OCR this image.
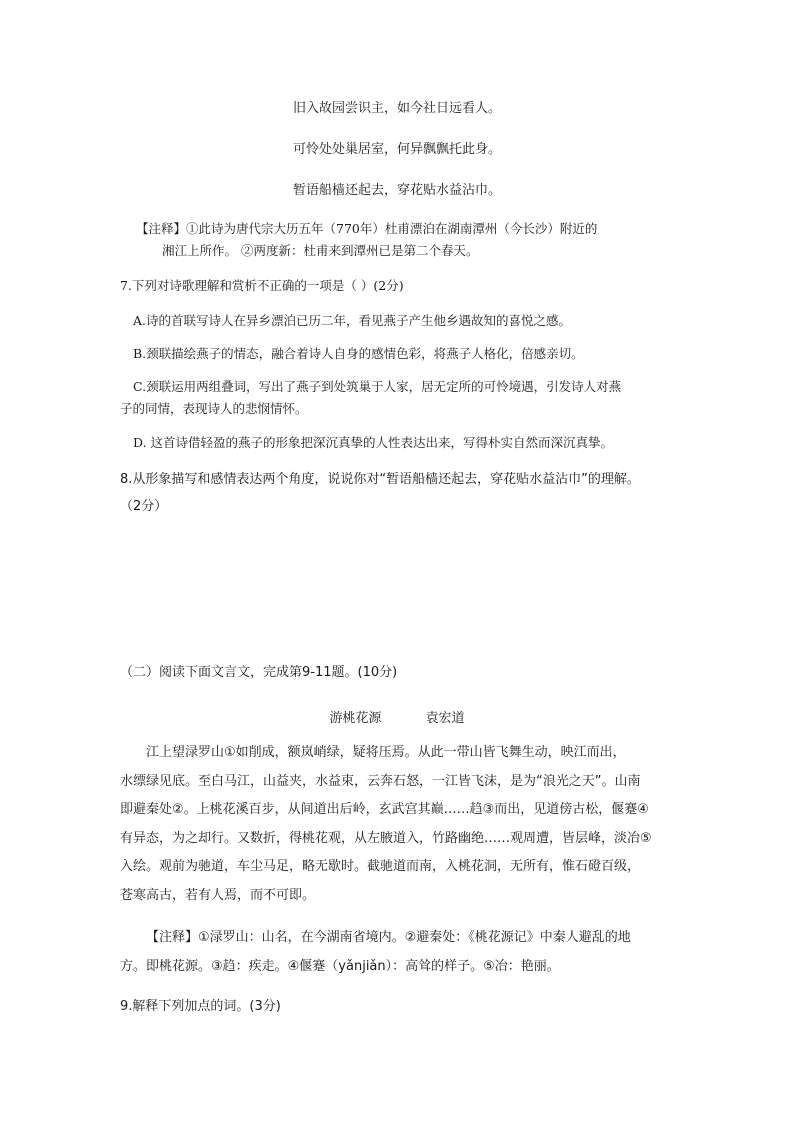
旧入故园尝识主，如今社日远看人。
可怜处处巢居室，何异飘飘托此身。
暂语船樯还起去，穿花贴水益沾巾。
【注释】①此诗为唐代宗大历五年（770年）杜甫漂泊在湖南潭州（今长沙）附近的
湘江上所作。 ②两度新：杜甫来到潭州已是第二个春天。
7.下列对诗歌理解和赏析不正确的一项是（ ）(2分)
A.诗的首联写诗人在异乡漂泊已历二年，看见燕子产生他乡遇故知的喜悦之感。
B.颈联描绘燕子的情态，融合着诗人自身的感情色彩，将燕子人格化，倍感亲切。
C.颈联运用两组叠词，写出了燕子到处筑巢于人家，居无定所的可怜境遇，引发诗人对燕
子的同情，表现诗人的悲悯情怀。
D. 这首诗借轻盈的燕子的形象把深沉真挚的人性表达出来，写得朴实自然而深沉真挚。
8.从形象描写和感情表达两个角度，说说你对“暂语船樯还起去，穿花贴水益沾巾”的理解。
（2分）
（二）阅读下面文言文，完成第9-11题。(10分)
游桃花源	袁宏道
江上望渌罗山①如削成，额岚峭绿，疑将压焉。从此一带山皆飞舞生动，映江而出，
水缥绿见底。至白马江，山益夹，水益束，云奔石怒，一江皆飞沫，是为“浪光之天”。山南
即避秦处②。上桃花溪百步，从间道出后岭，玄武宫其巅……趋③而出，见道傍古松，偃蹇④
有异态，为之却行。又数折，得桃花观，从左腋道入，竹路幽绝……观周遭，皆层峰，淡冶⑤
入绘。观前为驰道，车尘马足，略无歇时。截驰道而南，入桃花洞，无所有，惟石磴百级，
苍寒高古，若有人焉，而不可即。
【注释】①渌罗山：山名，在今湖南省境内。②避秦处：《桃花源记》中秦人避乱的地
方。即桃花源。③趋：疾走。④偃蹇（yǎnjiǎn）：高耸的样子。⑤冶：艳丽。
9.解释下列加点的词。(3分)
